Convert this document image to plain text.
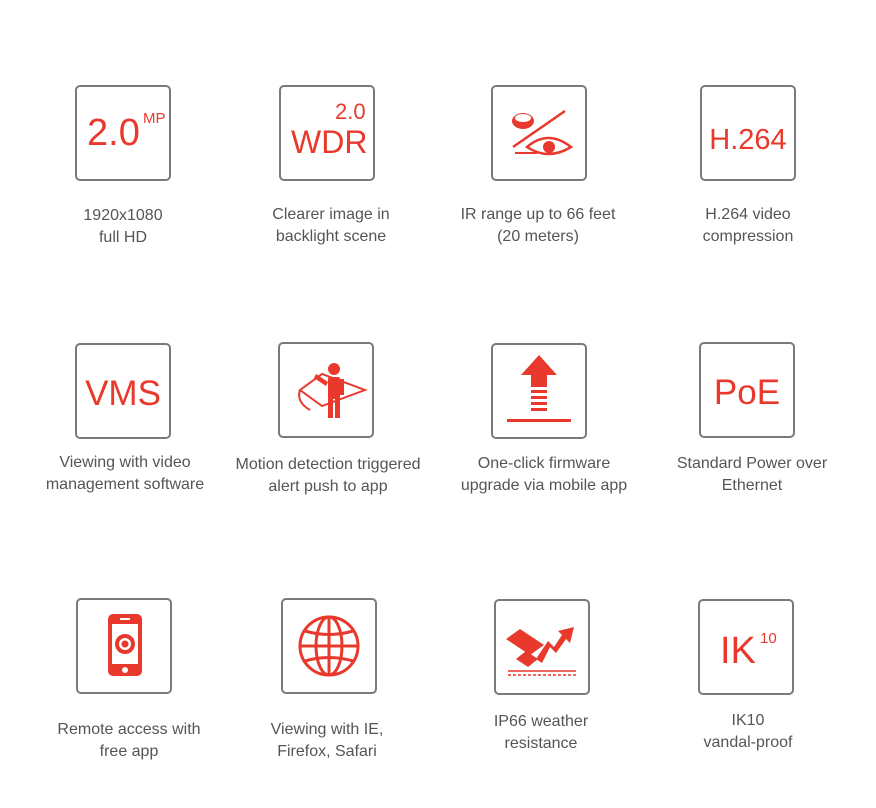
2.0 MP
1920x1080
full HD
2.0
WDR
Clearer image in
backlight scene
IR range up to 66 feet
(20 meters)
H.264
H.264 video
compression
VMS
Viewing with video
management software
Motion detection triggered
alert push to app
One-click firmware
upgrade via mobile app
PoE
Standard Power over
Ethernet
Remote access with
free app
Viewing with IE,
Firefox, Safari
IP66 weather
resistance
IK 10
IK10
vandal-proof
